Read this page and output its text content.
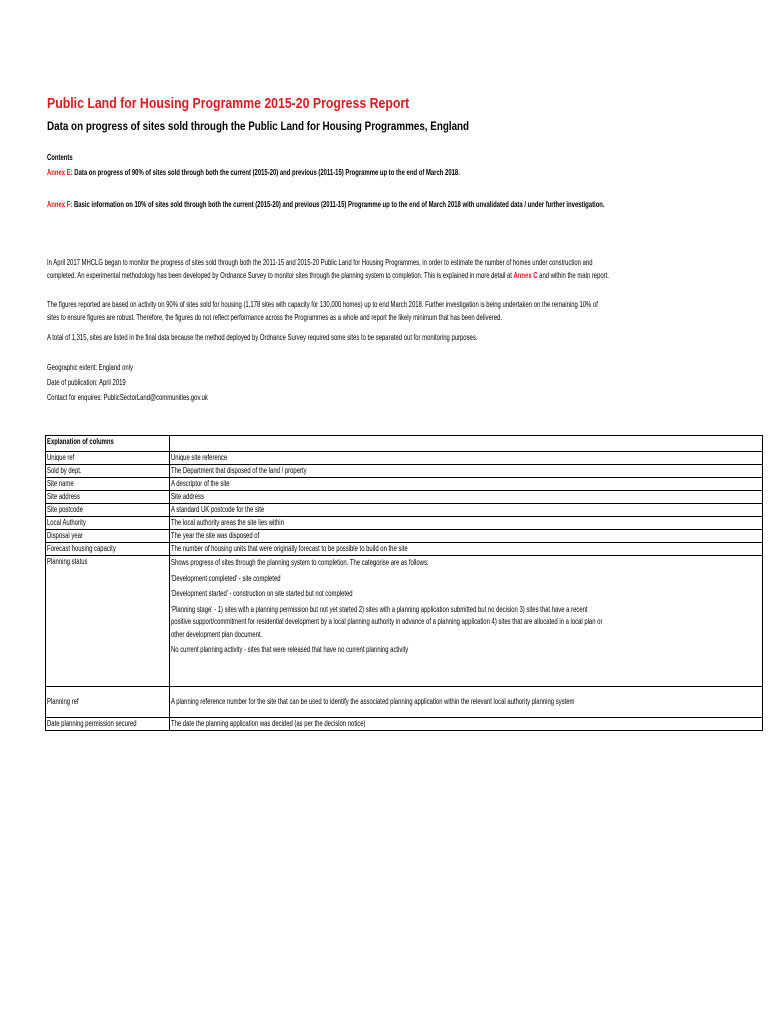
Public Land for Housing Programme 2015-20 Progress Report
Data on progress of sites sold through the Public Land for Housing Programmes, England
Contents
Annex E: Data on progress of 90% of sites sold through both the current (2015-20) and previous (2011-15) Programme up to the end of March 2018.
Annex F: Basic information on 10% of sites sold through both the current (2015-20) and previous (2011-15) Programme up to the end of March 2018 with unvalidated data / under further investigation.
In April 2017 MHCLG began to monitor the progress of sites sold through both the 2011-15 and 2015-20 Public Land for Housing Programmes, in order to estimate the number of homes under construction and completed. An experimental methodology has been developed by Ordnance Survey to monitor sites through the planning system to completion. This is explained in more detail at Annex C and within the main report.
The figures reported are based on activity on 90% of sites sold for housing (1,178 sites with capacity for 130,000 homes) up to end March 2018. Further investigation is being undertaken on the remaining 10% of sites to ensure figures are robust. Therefore, the figures do not reflect performance across the Programmes as a whole and report the likely minimum that has been delivered.
A total of 1,315, sites are listed in the final data because the method deployed by Ordnance Survey required some sites to be separated out for monitoring purposes.
Geographic extent: England only
Date of publication: April 2019
Contact for enquires: PublicSectorLand@communities.gov.uk
Explanation of columns	
Unique ref	Unique site reference
Sold by dept.	The Department that disposed of the land / property
Site name	A descriptor of the site
Site address	Site address
Site postcode	A standard UK postcode for the site
Local Authority	The local authority areas the site lies within
Disposal year	The year the site was disposed of
Forecast housing capacity	The number of housing units that were originally forecast to be possible to build on the site
Planning status	Shows progress of sites through the planning system to completion. The categorise are as follows:
'Development completed' - site completed
'Development started' - construction on site started but not completed
'Planning stage' - 1) sites with a planning permission but not yet started 2) sites with a planning application submitted but no decision 3) sites that have a recent positive support/commitment for residential development by a local planning authority in advance of a planning application 4) sites that are allocated in a local plan or other development plan document.
No current planning activity - sites that were released that have no current planning activity

Planning ref	A planning reference number for the site that can be used to identify the associated planning application within the relevant local authority planning system
Date planning permission secured	The date the planning application was decided (as per the decision notice)
